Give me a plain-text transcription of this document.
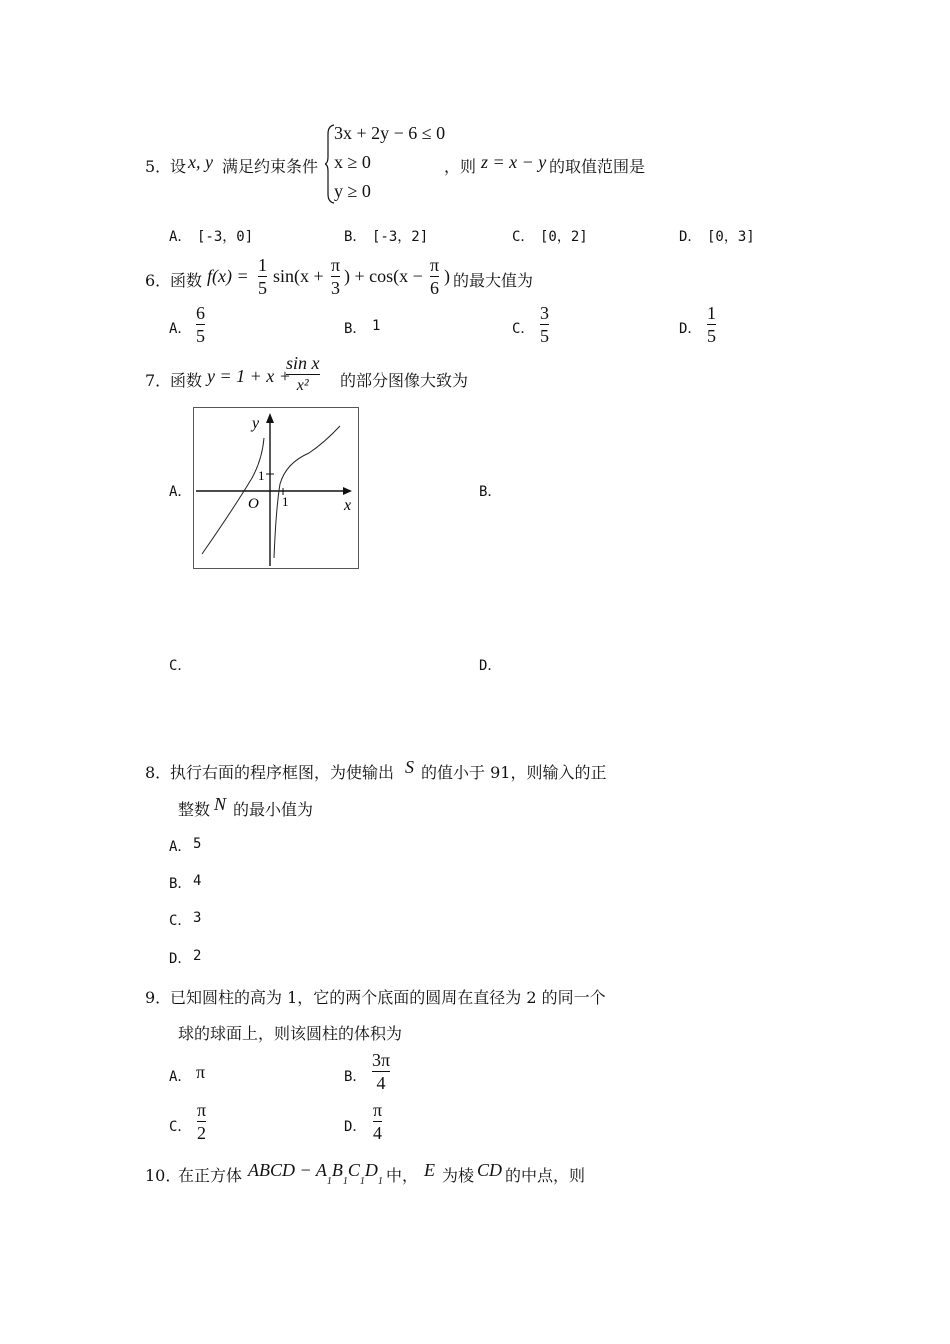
5．
设 x, y 满足约束条件
3x + 2y − 6 ≤ 0
x ≥ 0
y ≥ 0
，则 z = x − y 的取值范围是
A． [-3，0]	B． [-3，2]	C． [0，2]	D． [0，3]
6．
函数 $f(x) = \frac{1}{5} \sin(x + \frac{\pi}{3}$ ) + $\cos(x - \frac{\pi}{6}$ ) 的最大值为
A． $\frac{6}{5}$	B． 1	C． $\frac{3}{5}$	D． $\frac{1}{5}$
7．
函数 y = 1 + x +
$\frac{\text{sin x}}{\text{x²}}$ 的部分图像大致为
A．
y
x
O
1
1
B．
C．	D．
8．
执行右面的程序框图，为使输出 S 的值小于 91，则输入的正
整数 N 的最小值为
A． 5
B． 4
C． 3
D． 2
9．
已知圆柱的高为 1，它的两个底面的圆周在直径为 2 的同一个
球的球面上，则该圆柱的体积为
A． π	B． $\frac{3\pi}{4}$
C． $\frac{\pi}{2}$	D． $\frac{\pi}{4}$
10．
在正方体 ABCD − $A_1B_1C_1D_1$ 中， E 为棱 CD 的中点，则
